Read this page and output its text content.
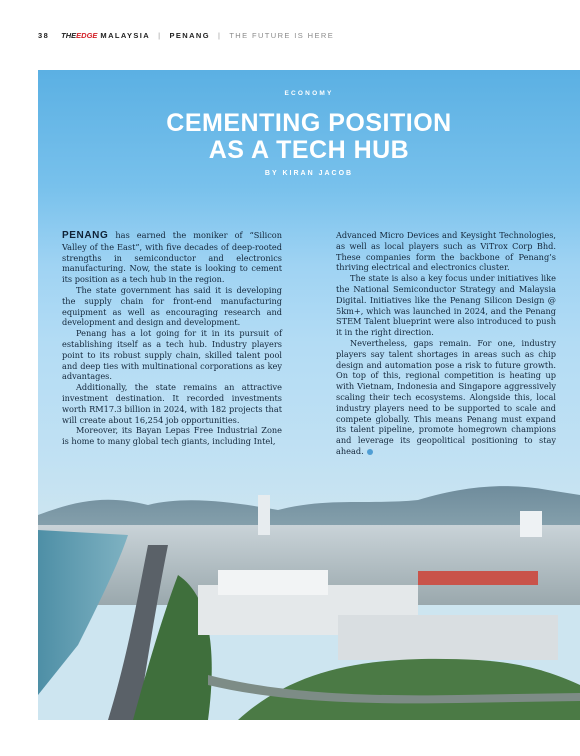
38 THEEDGE MALAYSIA | PENANG | THE FUTURE IS HERE
ECONOMY
CEMENTING POSITION
AS A TECH HUB
BY KIRAN JACOB

PENANG has earned the moniker of “Silicon Valley of the East”, with five decades of deep-rooted strengths in semiconductor and electronics manufacturing. Now, the state is looking to cement its position as a tech hub in the region.

The state government has said it is developing the supply chain for front-end manufacturing equipment as well as encouraging research and development and design and development.

Penang has a lot going for it in its pursuit of establishing itself as a tech hub. Industry players point to its robust supply chain, skilled talent pool and deep ties with multinational corporations as key advantages.

Additionally, the state remains an attractive investment destination. It recorded investments worth RM17.3 billion in 2024, with 182 projects that will create about 16,254 job opportunities.

Moreover, its Bayan Lepas Free Industrial Zone is home to many global tech giants, including Intel,

Advanced Micro Devices and Keysight Technologies, as well as local players such as ViTrox Corp Bhd. These companies form the backbone of Penang’s thriving electrical and electronics cluster.

The state is also a key focus under initiatives like the National Semiconductor Strategy and Malaysia Digital. Initiatives like the Penang Silicon Design @ 5km+, which was launched in 2024, and the Penang STEM Talent blueprint were also introduced to push it in the right direction.

Nevertheless, gaps remain. For one, industry players say talent shortages in areas such as chip design and automation pose a risk to future growth. On top of this, regional competition is heating up with Vietnam, Indonesia and Singapore aggressively scaling their tech ecosystems. Alongside this, local industry players need to be supported to scale and compete globally. This means Penang must expand its talent pipeline, promote homegrown champions and leverage its geopolitical positioning to stay ahead.
